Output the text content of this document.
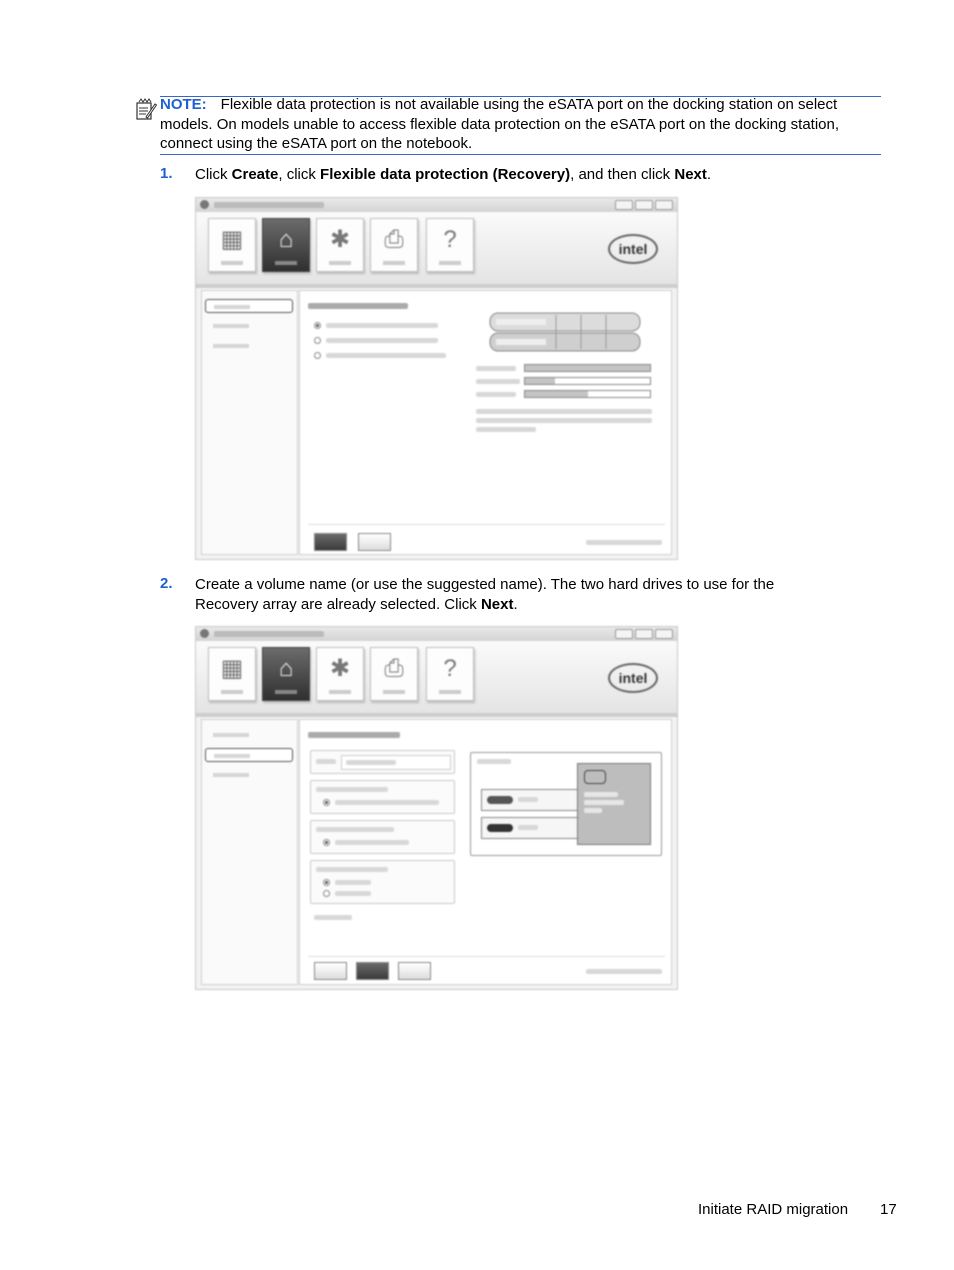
NOTE: Flexible data protection is not available using the eSATA port on the docking station on select models. On models unable to access flexible data protection on the eSATA port on the docking station, connect using the eSATA port on the notebook.
1. Click Create, click Flexible data protection (Recovery), and then click Next.
▦	⌂	✱	⎙	?	intel
2. Create a volume name (or use the suggested name). The two hard drives to use for the Recovery array are already selected. Click Next.
▦	⌂	✱	⎙	?	intel
Initiate RAID migration 17
